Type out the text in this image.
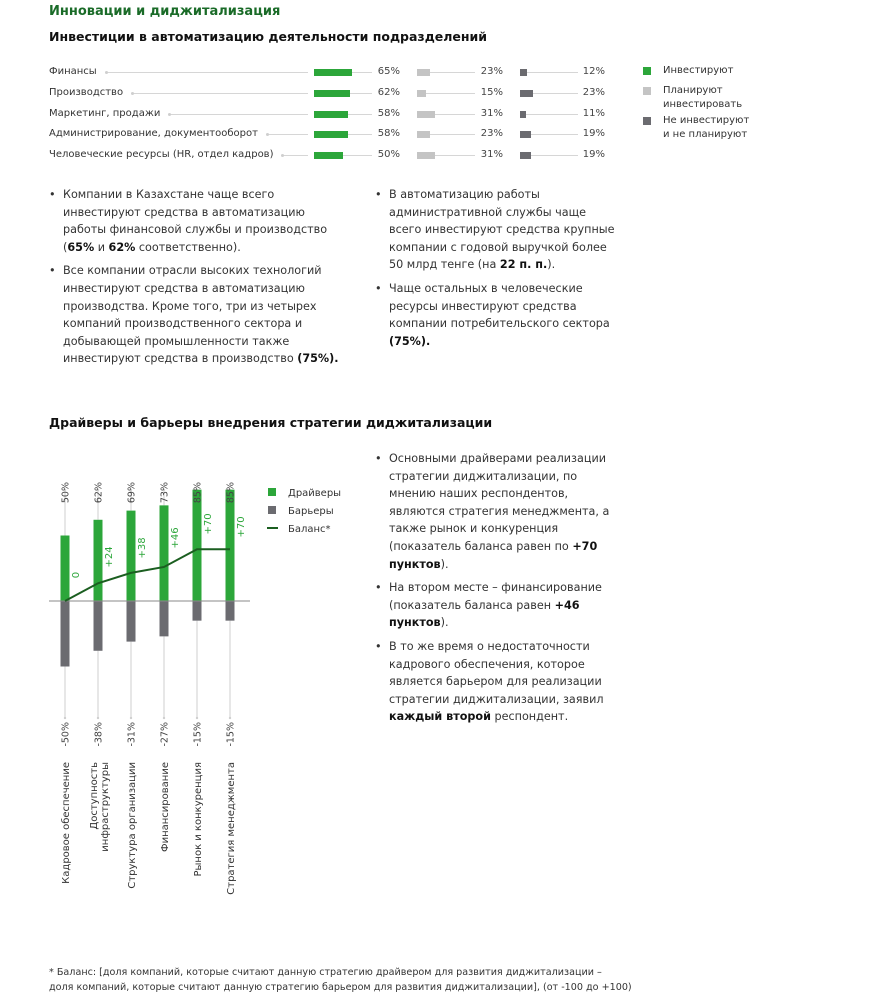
Инновации и диджитализация
Инвестиции в автоматизацию деятельности подразделений
Финансы	65%	23%	12%
Производство	62%	15%	23%
Маркетинг, продажи	58%	31%	11%
Администрирование, документооборот	58%	23%	19%
Человеческие ресурсы (HR, отдел кадров)	50%	31%	19%
Инвестируют
Планируют
инвестировать
Не инвестируют
и не планируют
• Компании в Казахстане чаще всего инвестируют средства в автоматизацию работы финансовой службы и производство (65% и 62% соответственно).
• Все компании отрасли высоких технологий инвестируют средства в автоматизацию производства. Кроме того, три из четырех компаний производственного сектора и добывающей промышленности также инвестируют средства в производство (75%).
• В автоматизацию работы административной службы чаще всего инвестируют средства крупные компании с годовой выручкой более 50 млрд тенге (на 22 п. п.).
• Чаще остальных в человеческие ресурсы инвестируют средства компании потребительского сектора (75%).
Драйверы и барьеры внедрения стратегии диджитализации
50%
-50%
62%
-38%
69%
-31%
73%
-27%
85%
-15%
85%
-15%
0
+24 +38 +46
+70 +70
Кадровое обеспечение Доступностьинфраструктуры Структура организации Финансирование Рынок и конкуренция Стратегия менеджмента
Драйверы
Барьеры
Баланс*
• Основными драйверами реализации стратегии диджитализации, по мнению наших респондентов, являются стратегия менеджмента, а также рынок и конкуренция (показатель баланса равен по +70 пунктов).
• На втором месте – финансирование (показатель баланса равен +46 пунктов).
• В то же время о недостаточности кадрового обеспечения, которое является барьером для реализации стратегии диджитализации, заявил каждый второй респондент.
* Баланс: [доля компаний, которые считают данную стратегию драйвером для развития диджитализации –
доля компаний, которые считают данную стратегию барьером для развития диджитализации], (от -100 до +100)
